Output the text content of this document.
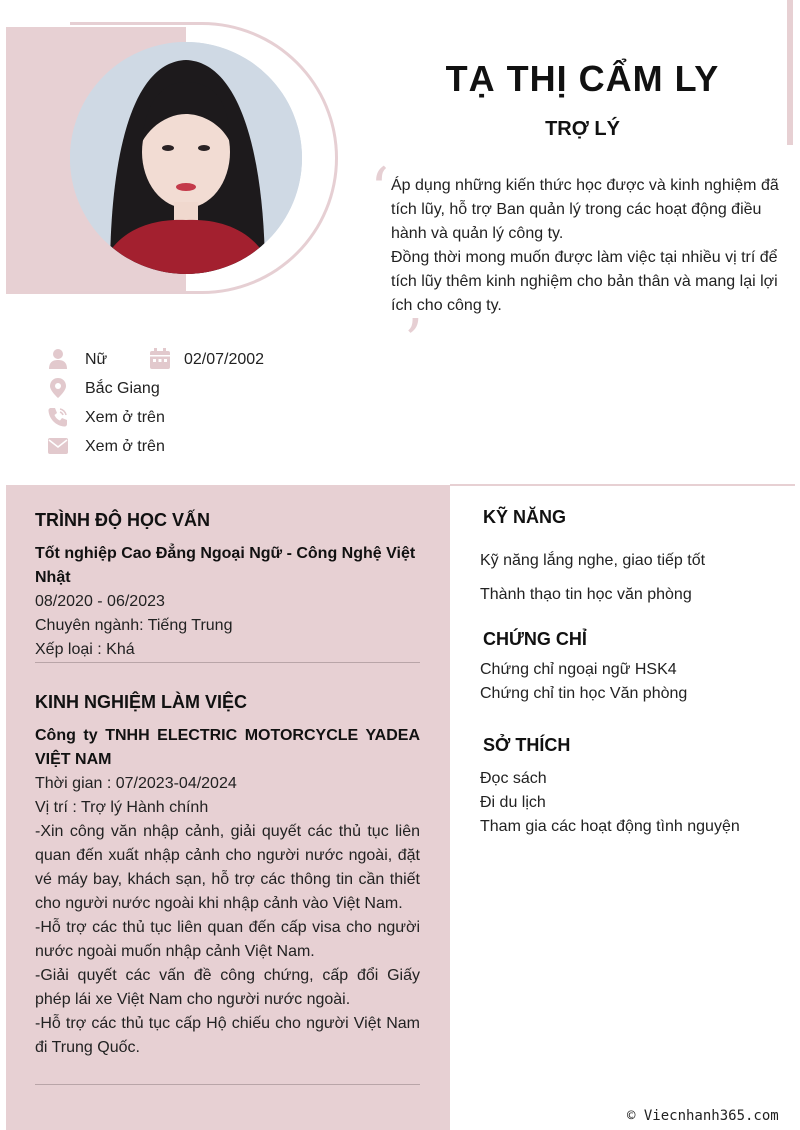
TẠ THỊ CẨM LY
TRỢ LÝ
‘ Áp dụng những kiến thức học được và kinh nghiệm đã tích lũy, hỗ trợ Ban quản lý trong các hoạt động điều hành và quản lý công ty.

Đồng thời mong muốn được làm việc tại nhiều vị trí để tích lũy thêm kinh nghiệm cho bản thân và mang lại lợi ích cho công ty.

’
Nữ	02/07/2002
Bắc Giang
Xem ở trên
Xem ở trên
TRÌNH ĐỘ HỌC VẤN
Tốt nghiệp Cao Đẳng Ngoại Ngữ - Công Nghệ Việt Nhật
08/2020 - 06/2023
Chuyên ngành: Tiếng Trung
Xếp loại : Khá
KINH NGHIỆM LÀM VIỆC
Công ty TNHH ELECTRIC MOTORCYCLE YADEA VIỆT NAM
Thời gian : 07/2023-04/2024
Vị trí : Trợ lý Hành chính
-Xin công văn nhập cảnh, giải quyết các thủ tục liên quan đến xuất nhập cảnh cho người nước ngoài, đặt vé máy bay, khách sạn, hỗ trợ các thông tin cần thiết cho người nước ngoài khi nhập cảnh vào Việt Nam.
-Hỗ trợ các thủ tục liên quan đến cấp visa cho người nước ngoài muốn nhập cảnh Việt Nam.
-Giải quyết các vấn đề công chứng, cấp đổi Giấy phép lái xe Việt Nam cho người nước ngoài.
-Hỗ trợ các thủ tục cấp Hộ chiếu cho người Việt Nam đi Trung Quốc.
KỸ NĂNG
Kỹ năng lắng nghe, giao tiếp tốt
Thành thạo tin học văn phòng
CHỨNG CHỈ
Chứng chỉ ngoại ngữ HSK4
Chứng chỉ tin học Văn phòng
SỞ THÍCH
Đọc sách
Đi du lịch
Tham gia các hoạt động tình nguyện
© Viecnhanh365.com
